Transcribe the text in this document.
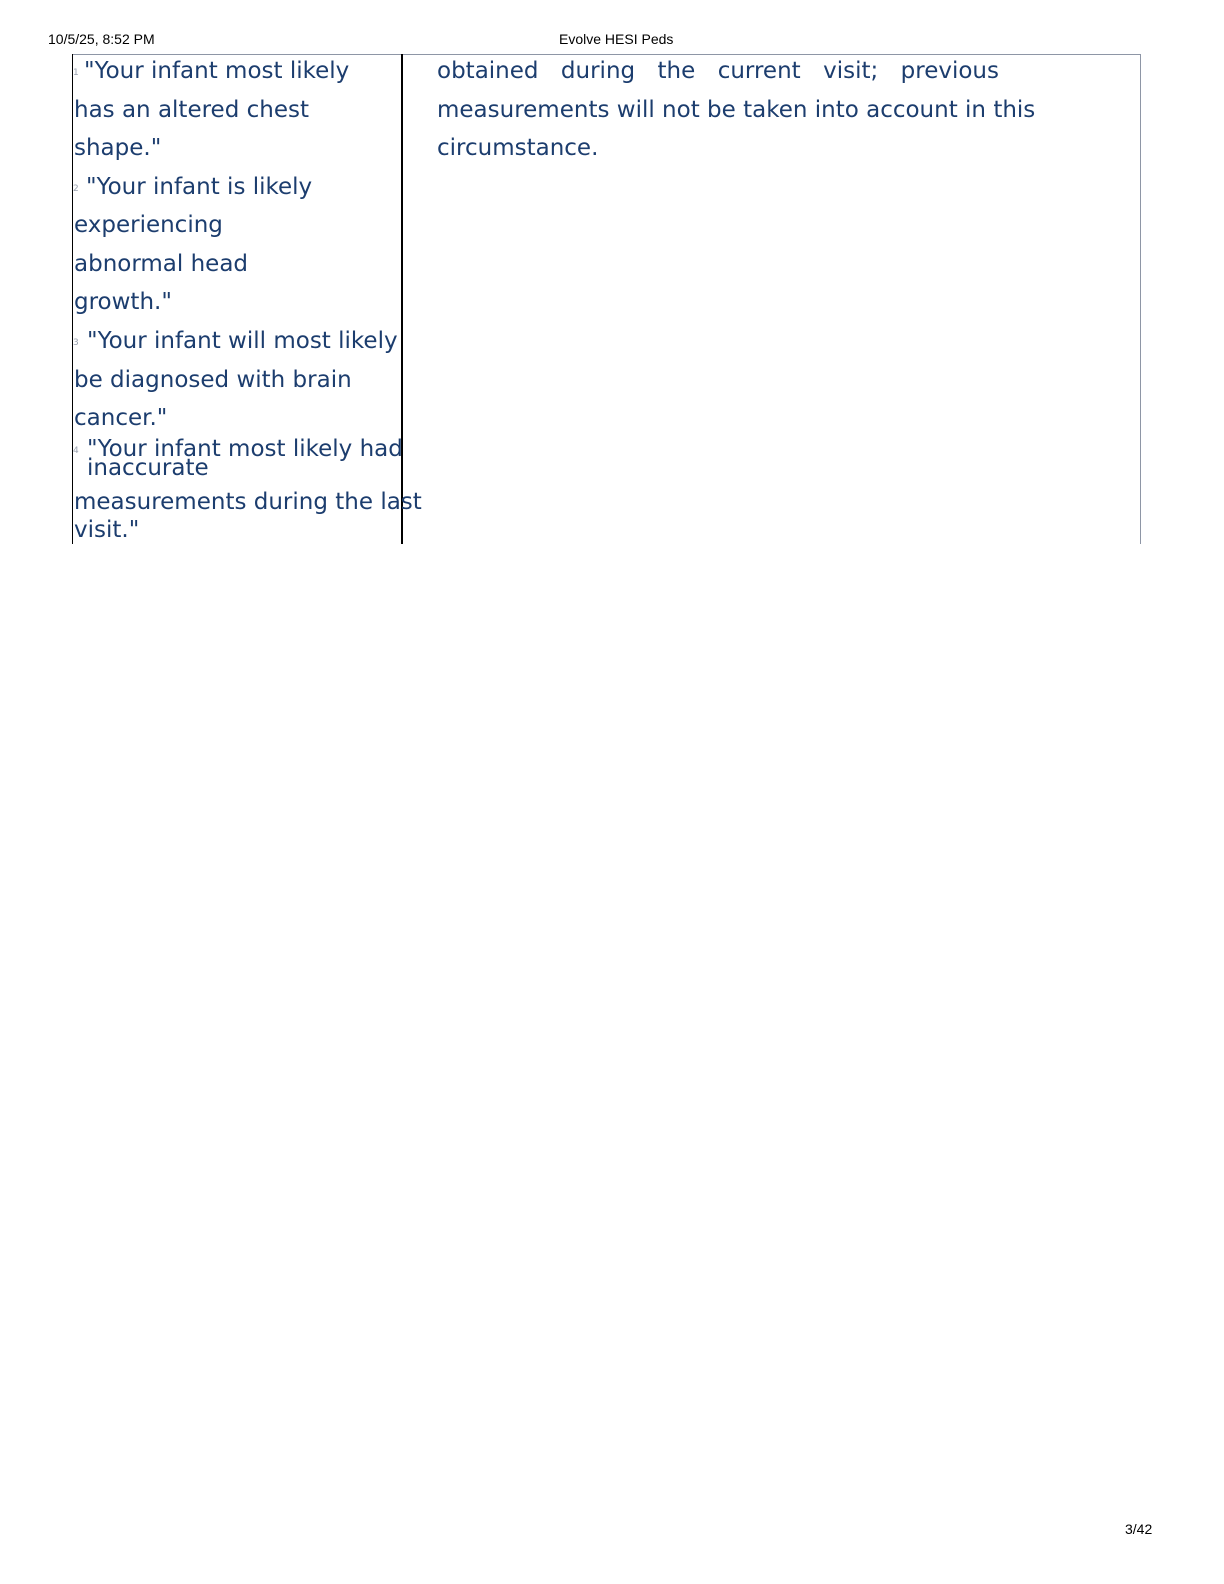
10/5/25, 8:52 PM	Evolve HESI Peds
1 "Your infant most likely
has an altered chest
shape."
2 "Your infant is likely
experiencing
abnormal head
growth."
3 "Your infant will most likely
be diagnosed with brain
cancer."
4 "Your infant most likely had
inaccurate
measurements during the last
visit."
obtained during the current visit; previous
measurements will not be taken into account in this
circumstance.
3/42
